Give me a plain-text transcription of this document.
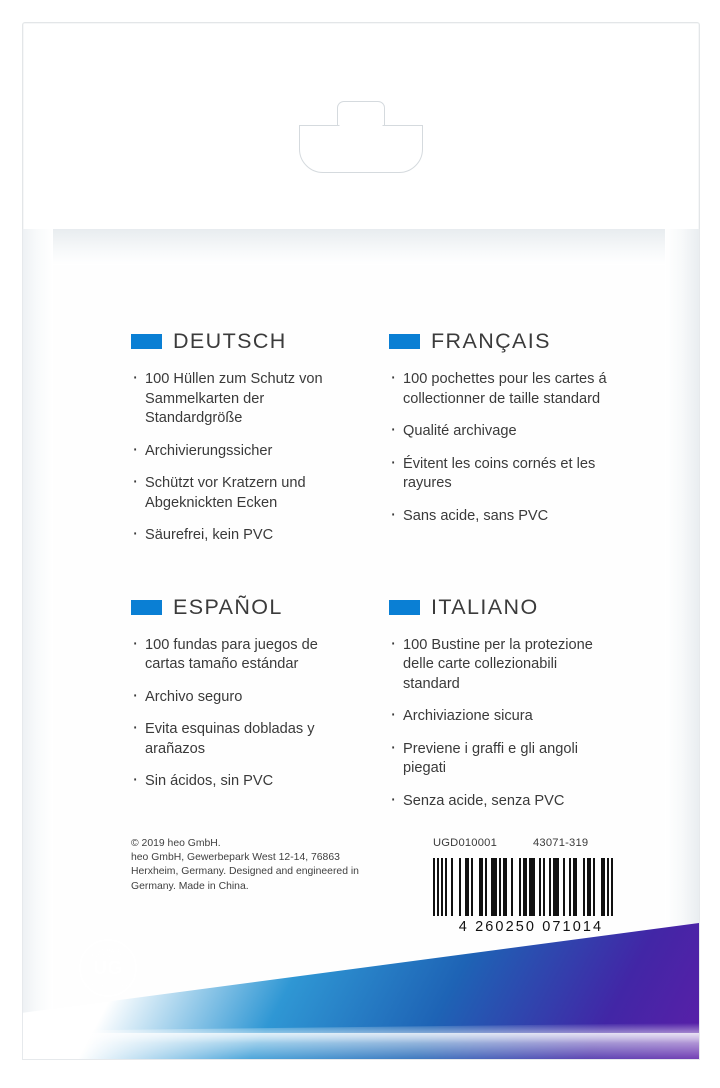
DEUTSCH
· 100 Hüllen zum Schutz von Sammelkarten der Standardgröße
· Archivierungssicher
· Schützt vor Kratzern und Abgeknickten Ecken
· Säurefrei, kein PVC
FRANÇAIS
· 100 pochettes pour les cartes á collectionner de taille standard
· Qualité archivage
· Évitent les coins cornés et les rayures
· Sans acide, sans PVC
ESPAÑOL
· 100 fundas para juegos de cartas tamaño estándar
· Archivo seguro
· Evita esquinas dobladas y arañazos
· Sin ácidos, sin PVC
ITALIANO
· 100 Bustine per la protezione delle carte collezionabili standard
· Archiviazione sicura
· Previene i graffi e gli angoli piegati
· Senza acide, senza PVC

© 2019 heo GmbH.

heo GmbH, Gewerbepark West 12-14, 76863 Herxheim, Germany. Designed and engineered in Germany. Made in China.

UGD010001	43071-319
4 260250 071014
ULTIMATE PROTECTION
UG
ULTIMATE GUARD
